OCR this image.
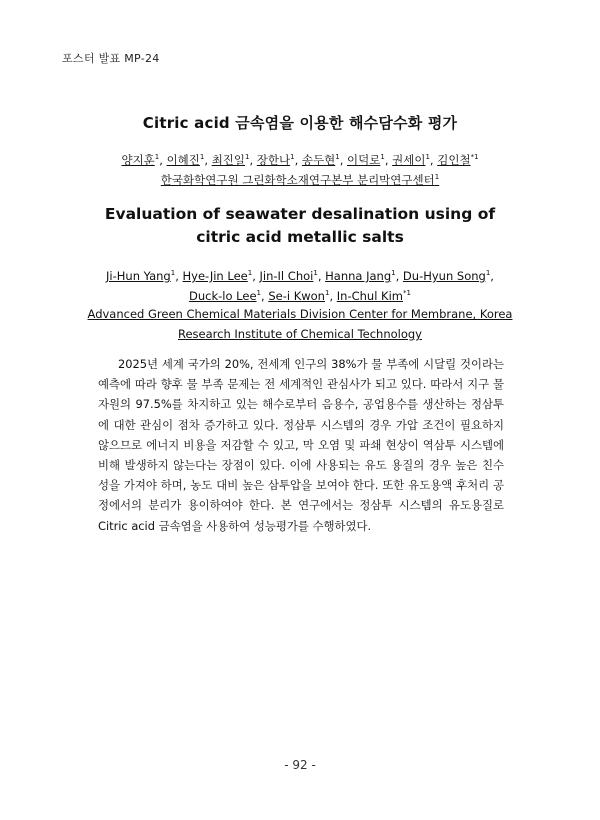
포스터 발표 MP-24
Citric acid 금속염을 이용한 해수담수화 평가
양지훈$^1$, 이혜진$^1$, 최진일$^1$, 장한나$^1$, 송두현$^1$, 이덕로$^1$, 권세이$^1$, 김인철$^{*1}$
한국화학연구원 그린화학소재연구본부 분리막연구센터$^1$
Evaluation of seawater desalination using of
citric acid metallic salts
Ji-Hun Yang$^1$, Hye-Jin Lee$^1$, Jin-Il Choi$^1$, Hanna Jang$^1$, Du-Hyun Song$^1$,
Duck-lo Lee$^1$, Se-i Kwon$^1$, In-Chul Kim$^{*1}$
Advanced Green Chemical Materials Division Center for Membrane, Korea
Research Institute of Chemical Technology

2025년 세계 국가의 20%, 전세계 인구의 38%가 물 부족에 시달릴 것이라는 예측에 따라 향후 물 부족 문제는 전 세계적인 관심사가 되고 있다. 따라서 지구 물 자원의 97.5%를 차지하고 있는 해수로부터 음용수, 공업용수를 생산하는 정삼투에 대한 관심이 점차 증가하고 있다. 정삼투 시스템의 경우 가압 조건이 필요하지 않으므로 에너지 비용을 저감할 수 있고, 막 오염 및 파쇄 현상이 역삼투 시스템에 비해 발생하지 않는다는 장점이 있다. 이에 사용되는 유도 용질의 경우 높은 친수성을 가져야 하며, 농도 대비 높은 삼투압을 보여야 한다. 또한 유도용액 후처리 공정에서의 분리가 용이하여야 한다. 본 연구에서는 정삼투 시스템의 유도용질로 Citric acid 금속염을 사용하여 성능평가를 수행하였다.

- 92 -
